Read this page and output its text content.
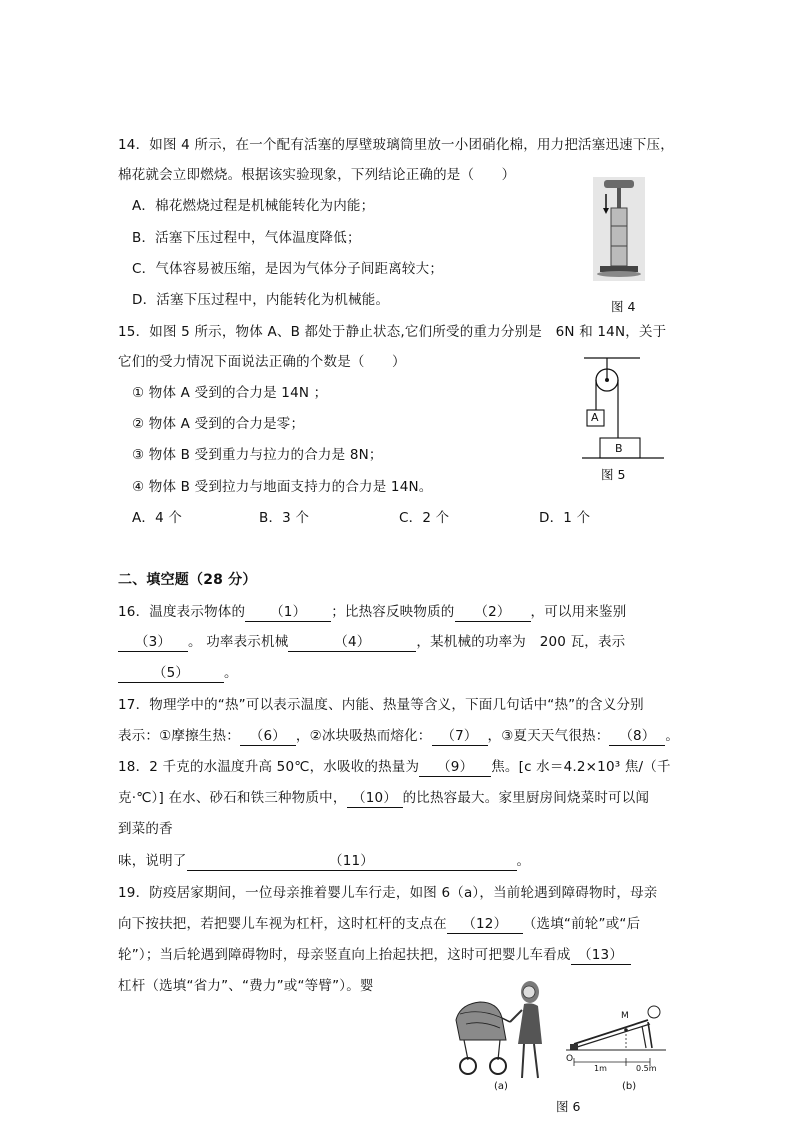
14．如图 4 所示，在一个配有活塞的厚壁玻璃筒里放一小团硝化棉，用力把活塞迅速下压，
棉花就会立即燃烧。根据该实验现象，下列结论正确的是（　　）
A．棉花燃烧过程是机械能转化为内能；
B．活塞下压过程中，气体温度降低；
C．气体容易被压缩，是因为气体分子间距离较大；
D．活塞下压过程中，内能转化为机械能。	图 4
15．如图 5 所示，物体 A、B 都处于静止状态,它们所受的重力分别是　6N 和 14N，关于
它们的受力情况下面说法正确的个数是（　　）
① 物体 A 受到的合力是 14N ；
② 物体 A 受到的合力是零；
③ 物体 B 受到重力与拉力的合力是 8N；
④ 物体 B 受到拉力与地面支持力的合力是 14N。
A．4 个	B．3 个	C．2 个	D．1 个
A
B
图 5
二、填空题（28 分）
16．温度表示物体的 （1） ；比热容反映物质的 （2） ，可以用来鉴别
（3） 。 功率表示机械	（4）	，某机械的功率为　200 瓦，表示
（5）	。
17．物理学中的“热”可以表示温度、内能、热量等含义，下面几句话中“热”的含义分别
表示：①摩擦生热： （6） ，②冰块吸热而熔化： （7） ，③夏天天气很热： （8） 。
18．2 千克的水温度升高 50℃，水吸收的热量为 （9） 焦。[c 水＝4.2×10³ 焦/（千
克·℃）] 在水、砂石和铁三种物质中， （10） 的比热容最大。家里厨房间烧菜时可以闻
到菜的香
味，说明了	（11）	。
19．防疫居家期间，一位母亲推着婴儿车行走，如图 6（a），当前轮遇到障碍物时，母亲
向下按扶把，若把婴儿车视为杠杆，这时杠杆的支点在 （12） （选填“前轮”或“后
轮”）；当后轮遇到障碍物时，母亲竖直向上抬起扶把，这时可把婴儿车看成 （13）
杠杆（选填“省力”、“费力”或“等臂”）。婴
(a)
M
O
1m	0.5m
(b)
图 6
